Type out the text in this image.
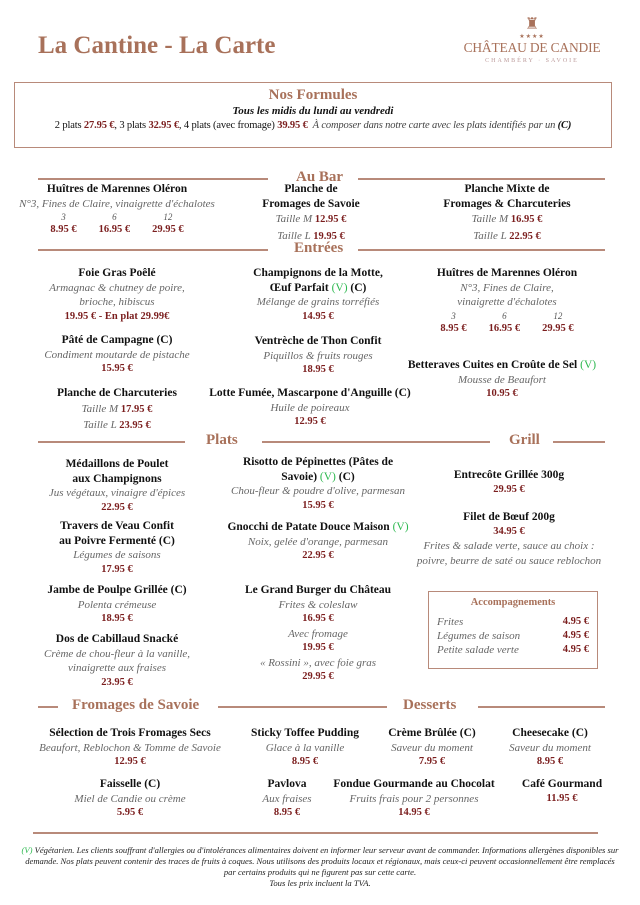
La Cantine - La Carte
♜
★★★★
CHÂTEAU DE CANDIE
CHAMBÉRY · SAVOIE
Nos Formules
Tous les midis du lundi au vendredi
2 plats 27.95 €, 3 plats 32.95 €, 4 plats (avec fromage) 39.95 € À composer dans notre carte avec les plats identifiés par un (C)
Au Bar
Entrées
Plats	Grill
Fromages de Savoie	Desserts
Huîtres de Marennes Oléron
N°3, Fines de Claire, vinaigrette d'échalotes
3
8.95 €
6
16.95 €
12
29.95 €
Planche de
Fromages de Savoie
Taille M 12.95 €
Taille L 19.95 €
Planche Mixte de
Fromages & Charcuteries
Taille M 16.95 €
Taille L 22.95 €
Foie Gras Poêlé
Armagnac & chutney de poire,
brioche, hibiscus
19.95 € - En plat 29.99€
Champignons de la Motte,
Œuf Parfait (V) (C)
Mélange de grains torréfiés
14.95 €
Huîtres de Marennes Oléron
N°3, Fines de Claire,
vinaigrette d'échalotes
3
8.95 €
6
16.95 €
12
29.95 €
Pâté de Campagne (C)
Condiment moutarde de pistache
15.95 €
Ventrèche de Thon Confit
Piquillos & fruits rouges
18.95 €	Betteraves Cuites en Croûte de Sel (V)
Mousse de Beaufort
10.95 €
Planche de Charcuteries
Taille M 17.95 €
Taille L 23.95 €
Lotte Fumée, Mascarpone d'Anguille (C)
Huile de poireaux
12.95 €
Médaillons de Poulet
aux Champignons
Jus végétaux, vinaigre d'épices
22.95 €
Risotto de Pépinettes (Pâtes de
Savoie) (V) (C)
Chou-fleur & poudre d'olive, parmesan
15.95 €
Entrecôte Grillée 300g
29.95 €
Travers de Veau Confit
au Poivre Fermenté (C)
Légumes de saisons
17.95 €
Gnocchi de Patate Douce Maison (V)
Noix, gelée d'orange, parmesan
22.95 €
Filet de Bœuf 200g
34.95 €
Frites & salade verte, sauce au choix :
poivre, beurre de saté ou sauce reblochon
Jambe de Poulpe Grillée (C)
Polenta crémeuse
18.95 €
Le Grand Burger du Château
Frites & coleslaw
16.95 €
Avec fromage
19.95 €
« Rossini », avec foie gras
29.95 €
Dos de Cabillaud Snacké
Crème de chou-fleur à la vanille,
vinaigrette aux fraises
23.95 €
Sélection de Trois Fromages Secs
Beaufort, Reblochon & Tomme de Savoie
12.95 €
Sticky Toffee Pudding
Glace à la vanille
8.95 €
Crème Brûlée (C)
Saveur du moment
7.95 €
Cheesecake (C)
Saveur du moment
8.95 €
Faisselle (C)
Miel de Candie ou crème
5.95 €
Pavlova
Aux fraises
8.95 €
Fondue Gourmande au Chocolat
Fruits frais pour 2 personnes
14.95 €
Café Gourmand
11.95 €
Accompagnements
Frites	4.95 €
Légumes de saison	4.95 €
Petite salade verte	4.95 €
(V) Végétarien. Les clients souffrant d'allergies ou d'intolérances alimentaires doivent en informer leur serveur avant de commander. Informations allergènes disponibles sur demande. Nos plats peuvent contenir des traces de fruits à coques. Nous utilisons des produits locaux et régionaux, mais ceux-ci peuvent occasionnellement être remplacés par certains produits qui ne figurent pas sur cette carte.
Tous les prix incluent la TVA.
